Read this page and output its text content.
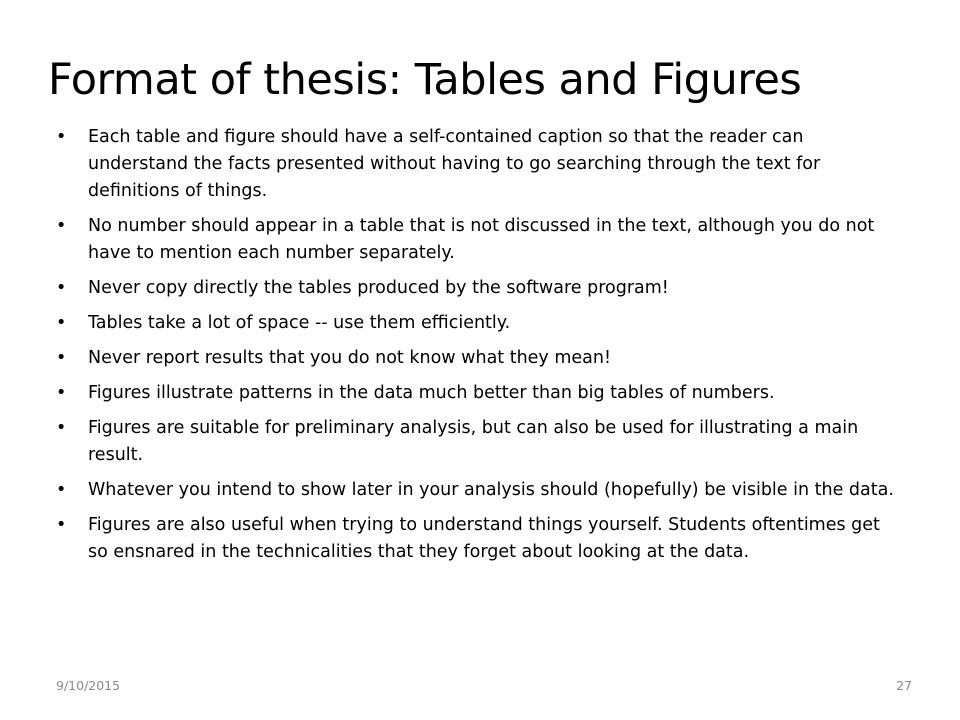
Format of thesis: Tables and Figures
• Each table and figure should have a self-contained caption so that the reader can understand the facts presented without having to go searching through the text for definitions of things.
• No number should appear in a table that is not discussed in the text, although you do not have to mention each number separately.
• Never copy directly the tables produced by the software program!
• Tables take a lot of space -- use them efficiently.
• Never report results that you do not know what they mean!
• Figures illustrate patterns in the data much better than big tables of numbers.
• Figures are suitable for preliminary analysis, but can also be used for illustrating a main result.
• Whatever you intend to show later in your analysis should (hopefully) be visible in the data.
• Figures are also useful when trying to understand things yourself. Students oftentimes get so ensnared in the technicalities that they forget about looking at the data.
9/10/2015	27
